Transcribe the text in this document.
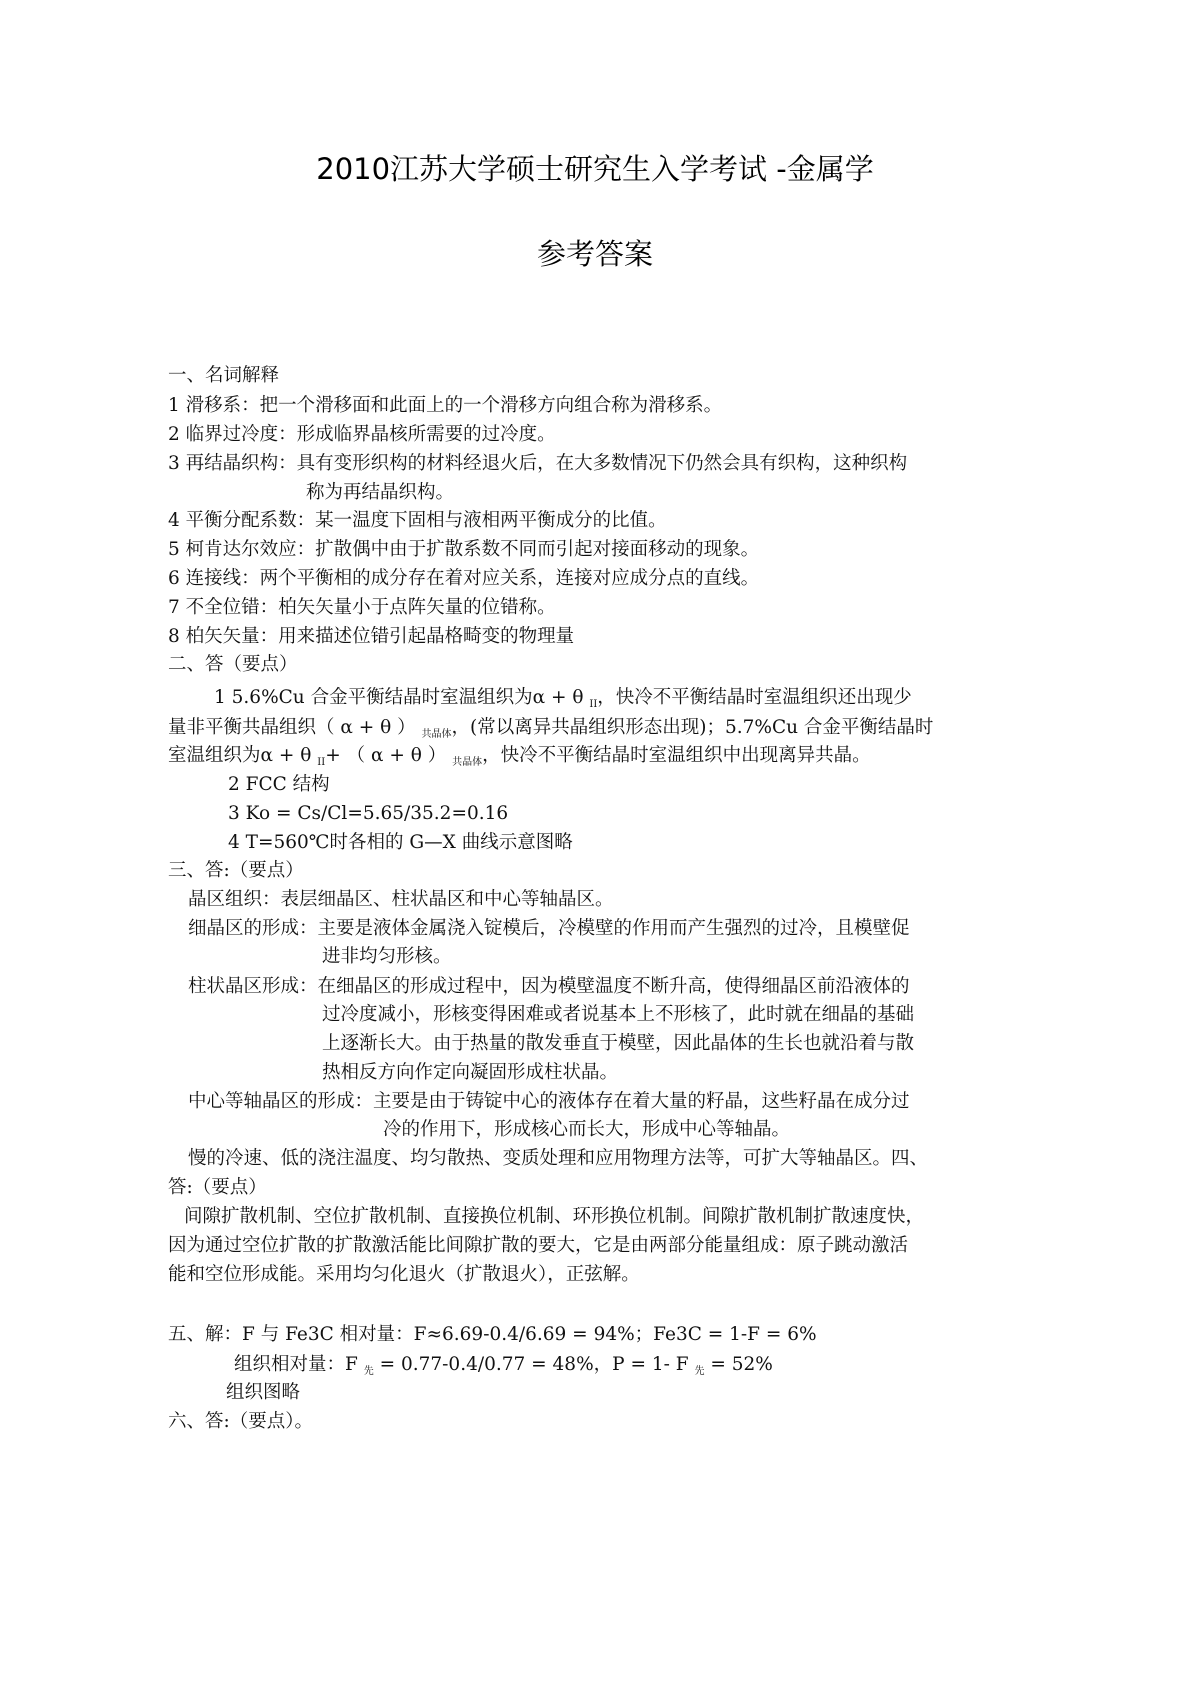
2010江苏大学硕士研究生入学考试 -金属学
参考答案
一、名词解释
1 滑移系：把一个滑移面和此面上的一个滑移方向组合称为滑移系。
2 临界过冷度：形成临界晶核所需要的过冷度。
3 再结晶织构：具有变形织构的材料经退火后，在大多数情况下仍然会具有织构，这种织构
称为再结晶织构。
4 平衡分配系数：某一温度下固相与液相两平衡成分的比值。
5 柯肯达尔效应：扩散偶中由于扩散系数不同而引起对接面移动的现象。
6 连接线：两个平衡相的成分存在着对应关系，连接对应成分点的直线。
7 不全位错：柏矢矢量小于点阵矢量的位错称。
8 柏矢矢量：用来描述位错引起晶格畸变的物理量
二、答（要点）
1 5.6%Cu 合金平衡结晶时室温组织为α + θ $_{II}$，快冷不平衡结晶时室温组织还出现少
量非平衡共晶组织（ α + θ ） $_{共晶体}$，(常以离异共晶组织形态出现)；5.7%Cu 合金平衡结晶时
室温组织为α + θ $_{II}$+ （ α + θ ） $_{共晶体}$，快冷不平衡结晶时室温组织中出现离异共晶。
2 FCC 结构
3 Ko = Cs/Cl=5.65/35.2=0.16
4 T=560℃时各相的 G—X 曲线示意图略
三、答:（要点）
晶区组织：表层细晶区、柱状晶区和中心等轴晶区。
细晶区的形成：主要是液体金属浇入锭模后，冷模壁的作用而产生强烈的过冷，且模壁促
进非均匀形核。
柱状晶区形成：在细晶区的形成过程中，因为模壁温度不断升高，使得细晶区前沿液体的
过冷度减小，形核变得困难或者说基本上不形核了，此时就在细晶的基础
上逐渐长大。由于热量的散发垂直于模壁，因此晶体的生长也就沿着与散
热相反方向作定向凝固形成柱状晶。
中心等轴晶区的形成：主要是由于铸锭中心的液体存在着大量的籽晶，这些籽晶在成分过
冷的作用下，形成核心而长大，形成中心等轴晶。
慢的冷速、低的浇注温度、均匀散热、变质处理和应用物理方法等，可扩大等轴晶区。四、
答:（要点）
间隙扩散机制、空位扩散机制、直接换位机制、环形换位机制。间隙扩散机制扩散速度快，
因为通过空位扩散的扩散激活能比间隙扩散的要大，它是由两部分能量组成：原子跳动激活
能和空位形成能。采用均匀化退火（扩散退火），正弦解。
五、解：F 与 Fe3C 相对量：F≈6.69-0.4/6.69 = 94%；Fe3C = 1-F = 6%
组织相对量：F $_先$ = 0.77-0.4/0.77 = 48%，P = 1- F $_先$ = 52%
组织图略
六、答:（要点）。
